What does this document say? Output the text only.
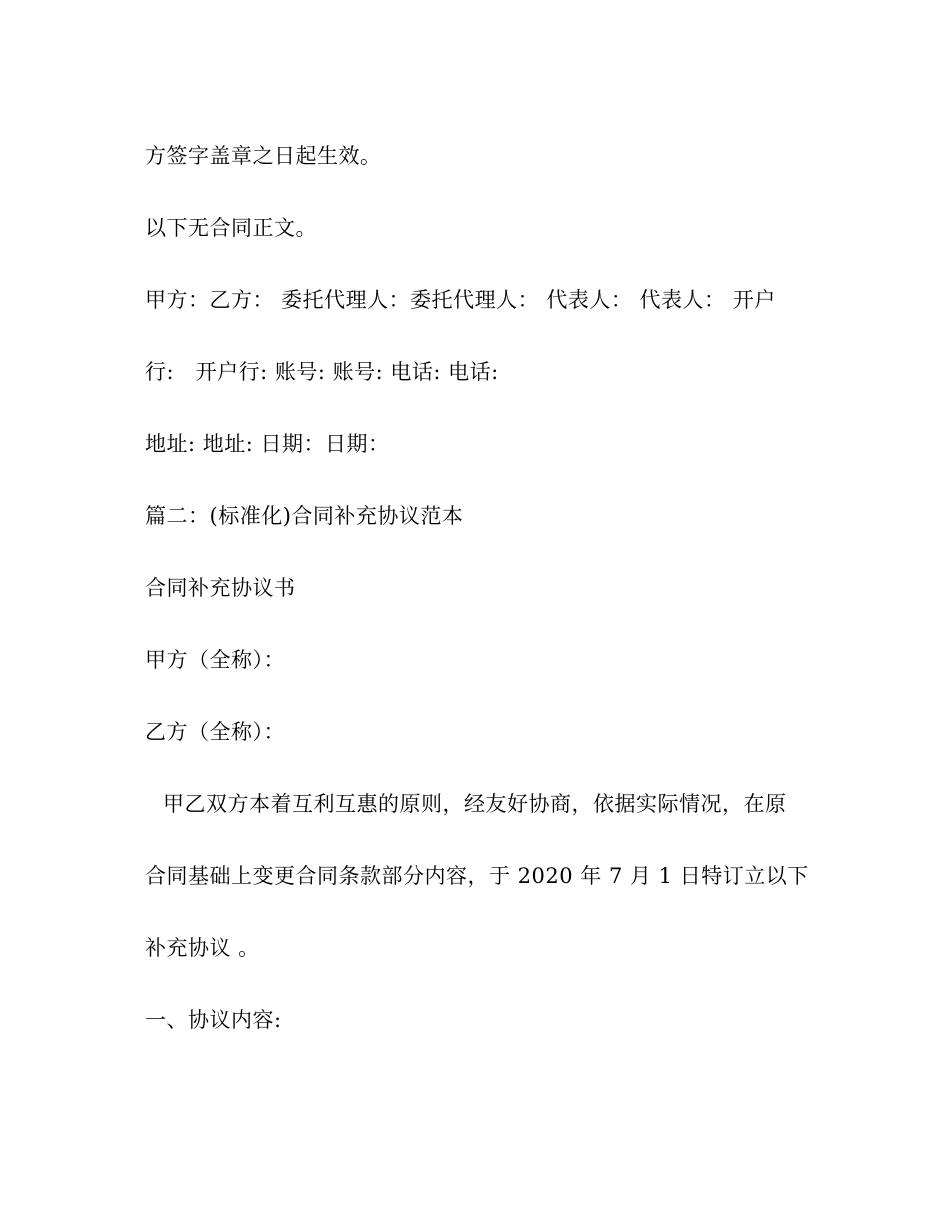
方签字盖章之日起生效。
以下无合同正文。
甲方：乙方： 委托代理人：委托代理人： 代表人： 代表人： 开户
行:   开户行: 账号: 账号: 电话: 电话:
地址: 地址: 日期：日期：
篇二：(标准化)合同补充协议范本
合同补充协议书
甲方（全称）：
乙方（全称）：
甲乙双方本着互利互惠的原则，经友好协商，依据实际情况，在原
合同基础上变更合同条款部分内容，于 2020 年 7 月 1 日特订立以下
补充协议 。
一、协议内容:
